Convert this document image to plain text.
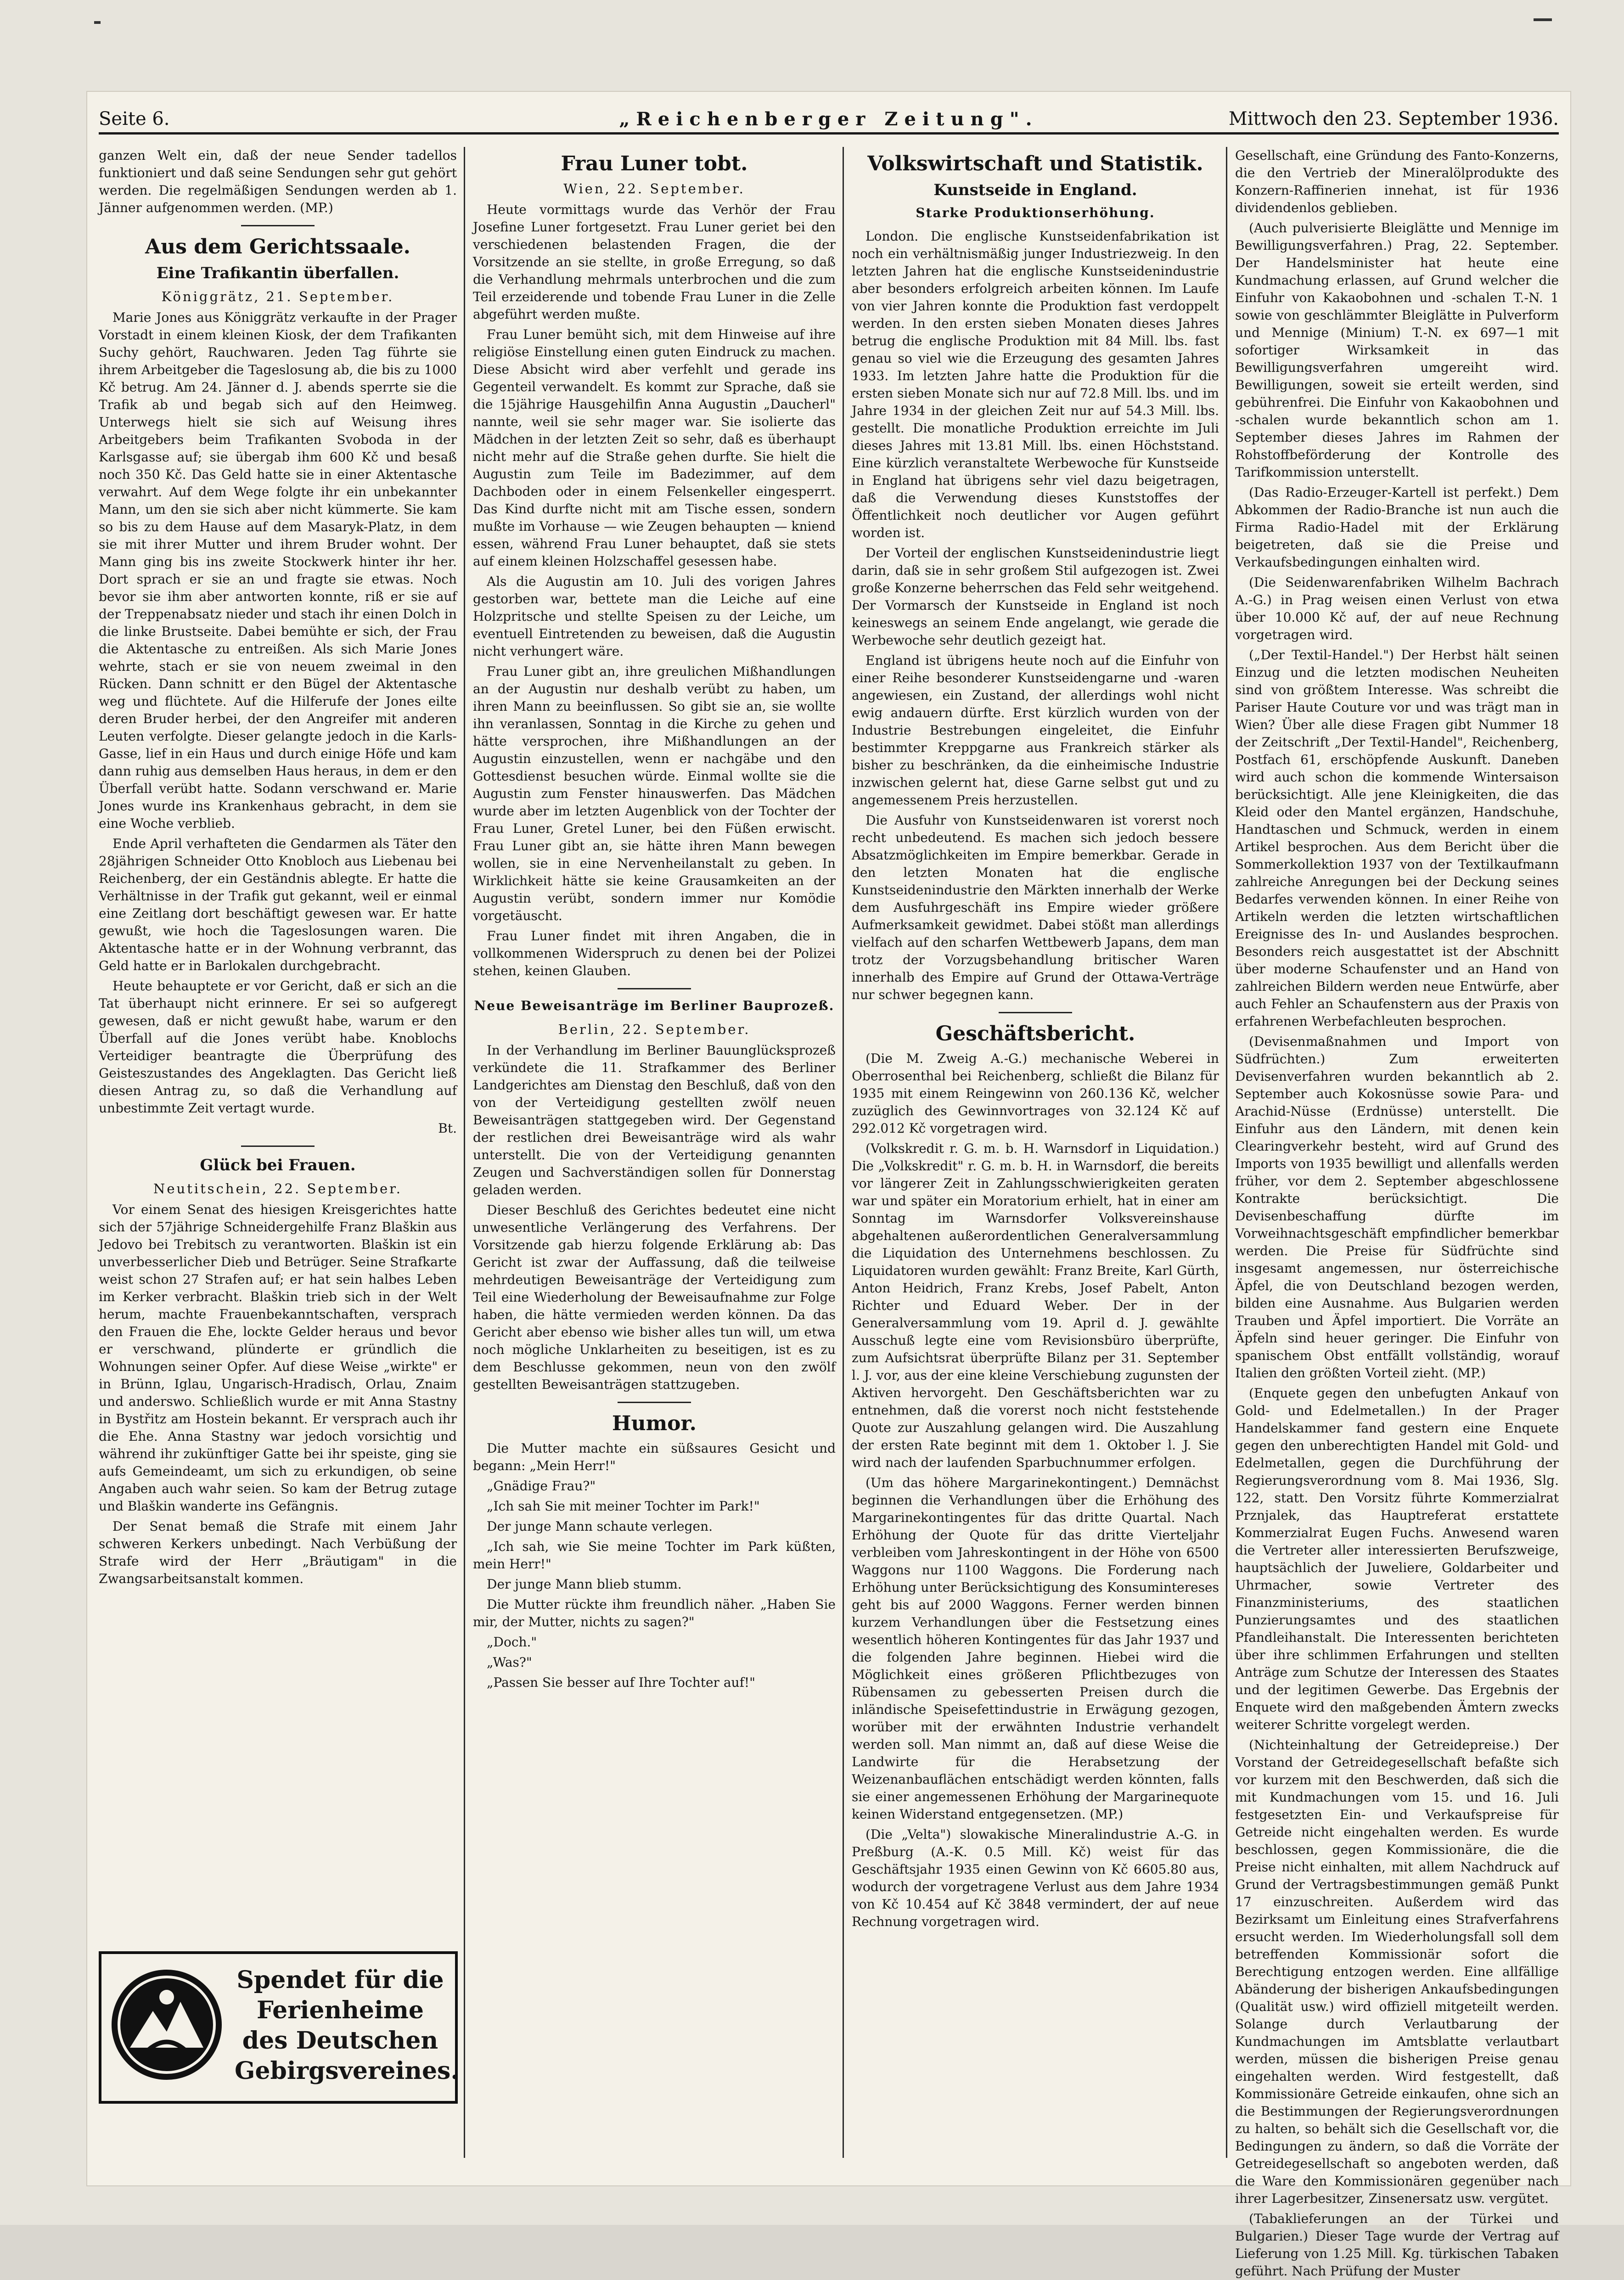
Seite 6.	„Reichenberger Zeitung".	Mittwoch den 23. September 1936.

ganzen Welt ein, daß der neue Sender tadellos funktioniert und daß seine Sendungen sehr gut gehört werden. Die regelmäßigen Sendungen werden ab 1. Jänner aufgenommen werden. (MP.)

Aus dem Gerichtssaale.
Eine Trafikantin überfallen.
Königgrätz, 21. September.

Marie Jones aus Königgrätz verkaufte in der Prager Vorstadt in einem kleinen Kiosk, der dem Trafikanten Suchy gehört, Rauchwaren. Jeden Tag führte sie ihrem Arbeitgeber die Tageslosung ab, die bis zu 1000 Kč betrug. Am 24. Jänner d. J. abends sperrte sie die Trafik ab und begab sich auf den Heimweg. Unterwegs hielt sie sich auf Weisung ihres Arbeitgebers beim Trafikanten Svoboda in der Karlsgasse auf; sie übergab ihm 600 Kč und besaß noch 350 Kč. Das Geld hatte sie in einer Aktentasche verwahrt. Auf dem Wege folgte ihr ein unbekannter Mann, um den sie sich aber nicht kümmerte. Sie kam so bis zu dem Hause auf dem Masaryk-Platz, in dem sie mit ihrer Mutter und ihrem Bruder wohnt. Der Mann ging bis ins zweite Stockwerk hinter ihr her. Dort sprach er sie an und fragte sie etwas. Noch bevor sie ihm aber antworten konnte, riß er sie auf der Treppenabsatz nieder und stach ihr einen Dolch in die linke Brustseite. Dabei bemühte er sich, der Frau die Aktentasche zu entreißen. Als sich Marie Jones wehrte, stach er sie von neuem zweimal in den Rücken. Dann schnitt er den Bügel der Aktentasche weg und flüchtete. Auf die Hilferufe der Jones eilte deren Bruder herbei, der den Angreifer mit anderen Leuten verfolgte. Dieser gelangte jedoch in die Karls-Gasse, lief in ein Haus und durch einige Höfe und kam dann ruhig aus demselben Haus heraus, in dem er den Überfall verübt hatte. Sodann verschwand er. Marie Jones wurde ins Krankenhaus gebracht, in dem sie eine Woche verblieb.

Ende April verhafteten die Gendarmen als Täter den 28jährigen Schneider Otto Knobloch aus Liebenau bei Reichenberg, der ein Geständnis ablegte. Er hatte die Verhältnisse in der Trafik gut gekannt, weil er einmal eine Zeitlang dort beschäftigt gewesen war. Er hatte gewußt, wie hoch die Tageslosungen waren. Die Aktentasche hatte er in der Wohnung verbrannt, das Geld hatte er in Barlokalen durchgebracht.

Heute behauptete er vor Gericht, daß er sich an die Tat überhaupt nicht erinnere. Er sei so aufgeregt gewesen, daß er nicht gewußt habe, warum er den Überfall auf die Jones verübt habe. Knoblochs Verteidiger beantragte die Überprüfung des Geisteszustandes des Angeklagten. Das Gericht ließ diesen Antrag zu, so daß die Verhandlung auf unbestimmte Zeit vertagt wurde.

Bt.
Glück bei Frauen.
Neutitschein, 22. September.

Vor einem Senat des hiesigen Kreisgerichtes hatte sich der 57jährige Schneidergehilfe Franz Blaškin aus Jedovo bei Trebitsch zu verantworten. Blaškin ist ein unverbesserlicher Dieb und Betrüger. Seine Strafkarte weist schon 27 Strafen auf; er hat sein halbes Leben im Kerker verbracht. Blaškin trieb sich in der Welt herum, machte Frauenbekanntschaften, versprach den Frauen die Ehe, lockte Gelder heraus und bevor er verschwand, plünderte er gründlich die Wohnungen seiner Opfer. Auf diese Weise „wirkte" er in Brünn, Iglau, Ungarisch-Hradisch, Orlau, Znaim und anderswo. Schließlich wurde er mit Anna Stastny in Bystřitz am Hostein bekannt. Er versprach auch ihr die Ehe. Anna Stastny war jedoch vorsichtig und während ihr zukünftiger Gatte bei ihr speiste, ging sie aufs Gemeindeamt, um sich zu erkundigen, ob seine Angaben auch wahr seien. So kam der Betrug zutage und Blaškin wanderte ins Gefängnis.

Der Senat bemaß die Strafe mit einem Jahr schweren Kerkers unbedingt. Nach Verbüßung der Strafe wird der Herr „Bräutigam" in die Zwangsarbeitsanstalt kommen.

Frau Luner tobt.
Wien, 22. September.

Heute vormittags wurde das Verhör der Frau Josefine Luner fortgesetzt. Frau Luner geriet bei den verschiedenen belastenden Fragen, die der Vorsitzende an sie stellte, in große Erregung, so daß die Verhandlung mehrmals unterbrochen und die zum Teil erzeiderende und tobende Frau Luner in die Zelle abgeführt werden mußte.

Frau Luner bemüht sich, mit dem Hinweise auf ihre religiöse Einstellung einen guten Eindruck zu machen. Diese Absicht wird aber verfehlt und gerade ins Gegenteil verwandelt. Es kommt zur Sprache, daß sie die 15jährige Hausgehilfin Anna Augustin „Daucherl" nannte, weil sie sehr mager war. Sie isolierte das Mädchen in der letzten Zeit so sehr, daß es überhaupt nicht mehr auf die Straße gehen durfte. Sie hielt die Augustin zum Teile im Badezimmer, auf dem Dachboden oder in einem Felsenkeller eingesperrt. Das Kind durfte nicht mit am Tische essen, sondern mußte im Vorhause — wie Zeugen behaupten — kniend essen, während Frau Luner behauptet, daß sie stets auf einem kleinen Holzschaffel gesessen habe.

Als die Augustin am 10. Juli des vorigen Jahres gestorben war, bettete man die Leiche auf eine Holzpritsche und stellte Speisen zu der Leiche, um eventuell Eintretenden zu beweisen, daß die Augustin nicht verhungert wäre.

Frau Luner gibt an, ihre greulichen Mißhandlungen an der Augustin nur deshalb verübt zu haben, um ihren Mann zu beeinflussen. So gibt sie an, sie wollte ihn veranlassen, Sonntag in die Kirche zu gehen und hätte versprochen, ihre Mißhandlungen an der Augustin einzustellen, wenn er nachgäbe und den Gottesdienst besuchen würde. Einmal wollte sie die Augustin zum Fenster hinauswerfen. Das Mädchen wurde aber im letzten Augenblick von der Tochter der Frau Luner, Gretel Luner, bei den Füßen erwischt. Frau Luner gibt an, sie hätte ihren Mann bewegen wollen, sie in eine Nervenheilanstalt zu geben. In Wirklichkeit hätte sie keine Grausamkeiten an der Augustin verübt, sondern immer nur Komödie vorgetäuscht.

Frau Luner findet mit ihren Angaben, die in vollkommenen Widerspruch zu denen bei der Polizei stehen, keinen Glauben.

Neue Beweisanträge im Berliner Bauprozeß.
Berlin, 22. September.

In der Verhandlung im Berliner Bauunglücksprozeß verkündete die 11. Strafkammer des Berliner Landgerichtes am Dienstag den Beschluß, daß von den von der Verteidigung gestellten zwölf neuen Beweisanträgen stattgegeben wird. Der Gegenstand der restlichen drei Beweisanträge wird als wahr unterstellt. Die von der Verteidigung genannten Zeugen und Sachverständigen sollen für Donnerstag geladen werden.

Dieser Beschluß des Gerichtes bedeutet eine nicht unwesentliche Verlängerung des Verfahrens. Der Vorsitzende gab hierzu folgende Erklärung ab: Das Gericht ist zwar der Auffassung, daß die teilweise mehrdeutigen Beweisanträge der Verteidigung zum Teil eine Wiederholung der Beweisaufnahme zur Folge haben, die hätte vermieden werden können. Da das Gericht aber ebenso wie bisher alles tun will, um etwa noch mögliche Unklarheiten zu beseitigen, ist es zu dem Beschlusse gekommen, neun von den zwölf gestellten Beweisanträgen stattzugeben.

Humor.

Die Mutter machte ein süßsaures Gesicht und begann: „Mein Herr!"

„Gnädige Frau?"

„Ich sah Sie mit meiner Tochter im Park!"

Der junge Mann schaute verlegen.

„Ich sah, wie Sie meine Tochter im Park küßten, mein Herr!"

Der junge Mann blieb stumm.

Die Mutter rückte ihm freundlich näher. „Haben Sie mir, der Mutter, nichts zu sagen?"

„Doch."

„Was?"

„Passen Sie besser auf Ihre Tochter auf!"

Volkswirtschaft und Statistik.
Kunstseide in England.
Starke Produktionserhöhung.

London. Die englische Kunstseidenfabrikation ist noch ein verhältnismäßig junger Industriezweig. In den letzten Jahren hat die englische Kunstseidenindustrie aber besonders erfolgreich arbeiten können. Im Laufe von vier Jahren konnte die Produktion fast verdoppelt werden. In den ersten sieben Monaten dieses Jahres betrug die englische Produktion mit 84 Mill. lbs. fast genau so viel wie die Erzeugung des gesamten Jahres 1933. Im letzten Jahre hatte die Produktion für die ersten sieben Monate sich nur auf 72.8 Mill. lbs. und im Jahre 1934 in der gleichen Zeit nur auf 54.3 Mill. lbs. gestellt. Die monatliche Produktion erreichte im Juli dieses Jahres mit 13.81 Mill. lbs. einen Höchststand. Eine kürzlich veranstaltete Werbewoche für Kunstseide in England hat übrigens sehr viel dazu beigetragen, daß die Verwendung dieses Kunststoffes der Öffentlichkeit noch deutlicher vor Augen geführt worden ist.

Der Vorteil der englischen Kunstseidenindustrie liegt darin, daß sie in sehr großem Stil aufgezogen ist. Zwei große Konzerne beherrschen das Feld sehr weitgehend. Der Vormarsch der Kunstseide in England ist noch keineswegs an seinem Ende angelangt, wie gerade die Werbewoche sehr deutlich gezeigt hat.

England ist übrigens heute noch auf die Einfuhr von einer Reihe besonderer Kunstseidengarne und -waren angewiesen, ein Zustand, der allerdings wohl nicht ewig andauern dürfte. Erst kürzlich wurden von der Industrie Bestrebungen eingeleitet, die Einfuhr bestimmter Kreppgarne aus Frankreich stärker als bisher zu beschränken, da die einheimische Industrie inzwischen gelernt hat, diese Garne selbst gut und zu angemessenem Preis herzustellen.

Die Ausfuhr von Kunstseidenwaren ist vorerst noch recht unbedeutend. Es machen sich jedoch bessere Absatzmöglichkeiten im Empire bemerkbar. Gerade in den letzten Monaten hat die englische Kunstseidenindustrie den Märkten innerhalb der Werke dem Ausfuhrgeschäft ins Empire wieder größere Aufmerksamkeit gewidmet. Dabei stößt man allerdings vielfach auf den scharfen Wettbewerb Japans, dem man trotz der Vorzugsbehandlung britischer Waren innerhalb des Empire auf Grund der Ottawa-Verträge nur schwer begegnen kann.

Geschäftsbericht.

(Die M. Zweig A.-G.) mechanische Weberei in Oberrosenthal bei Reichenberg, schließt die Bilanz für 1935 mit einem Reingewinn von 260.136 Kč, welcher zuzüglich des Gewinnvortrages von 32.124 Kč auf 292.012 Kč vorgetragen wird.

(Volkskredit r. G. m. b. H. Warnsdorf in Liquidation.) Die „Volkskredit" r. G. m. b. H. in Warnsdorf, die bereits vor längerer Zeit in Zahlungsschwierigkeiten geraten war und später ein Moratorium erhielt, hat in einer am Sonntag im Warnsdorfer Volksvereinshause abgehaltenen außerordentlichen Generalversammlung die Liquidation des Unternehmens beschlossen. Zu Liquidatoren wurden gewählt: Franz Breite, Karl Gürth, Anton Heidrich, Franz Krebs, Josef Pabelt, Anton Richter und Eduard Weber. Der in der Generalversammlung vom 19. April d. J. gewählte Ausschuß legte eine vom Revisionsbüro überprüfte, zum Aufsichtsrat überprüfte Bilanz per 31. September l. J. vor, aus der eine kleine Verschiebung zugunsten der Aktiven hervorgeht. Den Geschäftsberichten war zu entnehmen, daß die vorerst noch nicht feststehende Quote zur Auszahlung gelangen wird. Die Auszahlung der ersten Rate beginnt mit dem 1. Oktober l. J. Sie wird nach der laufenden Sparbuchnummer erfolgen.

(Um das höhere Margarinekontingent.) Demnächst beginnen die Verhandlungen über die Erhöhung des Margarinekontingentes für das dritte Quartal. Nach Erhöhung der Quote für das dritte Vierteljahr verbleiben vom Jahreskontingent in der Höhe von 6500 Waggons nur 1100 Waggons. Die Forderung nach Erhöhung unter Berücksichtigung des Konsumintereses geht bis auf 2000 Waggons. Ferner werden binnen kurzem Verhandlungen über die Festsetzung eines wesentlich höheren Kontingentes für das Jahr 1937 und die folgenden Jahre beginnen. Hiebei wird die Möglichkeit eines größeren Pflichtbezuges von Rübensamen zu gebesserten Preisen durch die inländische Speisefettindustrie in Erwägung gezogen, worüber mit der erwähnten Industrie verhandelt werden soll. Man nimmt an, daß auf diese Weise die Landwirte für die Herabsetzung der Weizenanbauflächen entschädigt werden könnten, falls sie einer angemessenen Erhöhung der Margarinequote keinen Widerstand entgegensetzen. (MP.)

(Die „Velta") slowakische Mineralindustrie A.-G. in Preßburg (A.-K. 0.5 Mill. Kč) weist für das Geschäftsjahr 1935 einen Gewinn von Kč 6605.80 aus, wodurch der vorgetragene Verlust aus dem Jahre 1934 von Kč 10.454 auf Kč 3848 vermindert, der auf neue Rechnung vorgetragen wird.

Gesellschaft, eine Gründung des Fanto-Konzerns, die den Vertrieb der Mineralölprodukte des Konzern-Raffinerien innehat, ist für 1936 dividendenlos geblieben.

(Auch pulverisierte Bleiglätte und Mennige im Bewilligungsverfahren.) Prag, 22. September. Der Handelsminister hat heute eine Kundmachung erlassen, auf Grund welcher die Einfuhr von Kakaobohnen und -schalen T.-N. 1 sowie von geschlämmter Bleiglätte in Pulverform und Mennige (Minium) T.-N. ex 697—1 mit sofortiger Wirksamkeit in das Bewilligungsverfahren umgereiht wird. Bewilligungen, soweit sie erteilt werden, sind gebührenfrei. Die Einfuhr von Kakaobohnen und -schalen wurde bekanntlich schon am 1. September dieses Jahres im Rahmen der Rohstoffbeförderung der Kontrolle des Tarifkommission unterstellt.

(Das Radio-Erzeuger-Kartell ist perfekt.) Dem Abkommen der Radio-Branche ist nun auch die Firma Radio-Hadel mit der Erklärung beigetreten, daß sie die Preise und Verkaufsbedingungen einhalten wird.

(Die Seidenwarenfabriken Wilhelm Bachrach A.-G.) in Prag weisen einen Verlust von etwa über 10.000 Kč auf, der auf neue Rechnung vorgetragen wird.

(„Der Textil-Handel.") Der Herbst hält seinen Einzug und die letzten modischen Neuheiten sind von größtem Interesse. Was schreibt die Pariser Haute Couture vor und was trägt man in Wien? Über alle diese Fragen gibt Nummer 18 der Zeitschrift „Der Textil-Handel", Reichenberg, Postfach 61, erschöpfende Auskunft. Daneben wird auch schon die kommende Wintersaison berücksichtigt. Alle jene Kleinigkeiten, die das Kleid oder den Mantel ergänzen, Handschuhe, Handtaschen und Schmuck, werden in einem Artikel besprochen. Aus dem Bericht über die Sommerkollektion 1937 von der Textilkaufmann zahlreiche Anregungen bei der Deckung seines Bedarfes verwenden können. In einer Reihe von Artikeln werden die letzten wirtschaftlichen Ereignisse des In- und Auslandes besprochen. Besonders reich ausgestattet ist der Abschnitt über moderne Schaufenster und an Hand von zahlreichen Bildern werden neue Entwürfe, aber auch Fehler an Schaufenstern aus der Praxis von erfahrenen Werbefachleuten besprochen.

(Devisenmaßnahmen und Import von Südfrüchten.) Zum erweiterten Devisenverfahren wurden bekanntlich ab 2. September auch Kokosnüsse sowie Para- und Arachid-Nüsse (Erdnüsse) unterstellt. Die Einfuhr aus den Ländern, mit denen kein Clearingverkehr besteht, wird auf Grund des Imports von 1935 bewilligt und allenfalls werden früher, vor dem 2. September abgeschlossene Kontrakte berücksichtigt. Die Devisenbeschaffung dürfte im Vorweihnachtsgeschäft empfindlicher bemerkbar werden. Die Preise für Südfrüchte sind insgesamt angemessen, nur österreichische Äpfel, die von Deutschland bezogen werden, bilden eine Ausnahme. Aus Bulgarien werden Trauben und Äpfel importiert. Die Vorräte an Äpfeln sind heuer geringer. Die Einfuhr von spanischem Obst entfällt vollständig, worauf Italien den größten Vorteil zieht. (MP.)

(Enquete gegen den unbefugten Ankauf von Gold- und Edelmetallen.) In der Prager Handelskammer fand gestern eine Enquete gegen den unberechtigten Handel mit Gold- und Edelmetallen, gegen die Durchführung der Regierungsverordnung vom 8. Mai 1936, Slg. 122, statt. Den Vorsitz führte Kommerzialrat Prznjalek, das Hauptreferat erstattete Kommerzialrat Eugen Fuchs. Anwesend waren die Vertreter aller interessierten Berufszweige, hauptsächlich der Juweliere, Goldarbeiter und Uhrmacher, sowie Vertreter des Finanzministeriums, des staatlichen Punzierungsamtes und des staatlichen Pfandleihanstalt. Die Interessenten berichteten über ihre schlimmen Erfahrungen und stellten Anträge zum Schutze der Interessen des Staates und der legitimen Gewerbe. Das Ergebnis der Enquete wird den maßgebenden Ämtern zwecks weiterer Schritte vorgelegt werden.

(Nichteinhaltung der Getreidepreise.) Der Vorstand der Getreidegesellschaft befaßte sich vor kurzem mit den Beschwerden, daß sich die mit Kundmachungen vom 15. und 16. Juli festgesetzten Ein- und Verkaufspreise für Getreide nicht eingehalten werden. Es wurde beschlossen, gegen Kommissionäre, die die Preise nicht einhalten, mit allem Nachdruck auf Grund der Vertragsbestimmungen gemäß Punkt 17 einzuschreiten. Außerdem wird das Bezirksamt um Einleitung eines Strafverfahrens ersucht werden. Im Wiederholungsfall soll dem betreffenden Kommissionär sofort die Berechtigung entzogen werden. Eine allfällige Abänderung der bisherigen Ankaufsbedingungen (Qualität usw.) wird offiziell mitgeteilt werden. Solange durch Verlautbarung der Kundmachungen im Amtsblatte verlautbart werden, müssen die bisherigen Preise genau eingehalten werden. Wird festgestellt, daß Kommissionäre Getreide einkaufen, ohne sich an die Bestimmungen der Regierungsverordnungen zu halten, so behält sich die Gesellschaft vor, die Bedingungen zu ändern, so daß die Vorräte der Getreidegesellschaft so angeboten werden, daß die Ware den Kommissionären gegenüber nach ihrer Lagerbesitzer, Zinsenersatz usw. vergütet.

(Tabaklieferungen an der Türkei und Bulgarien.) Dieser Tage wurde der Vertrag auf Lieferung von 1.25 Mill. Kg. türkischen Tabaken geführt. Nach Prüfung der Muster

Spendet für die
Ferienheime
des Deutschen
Gebirgsvereines.
